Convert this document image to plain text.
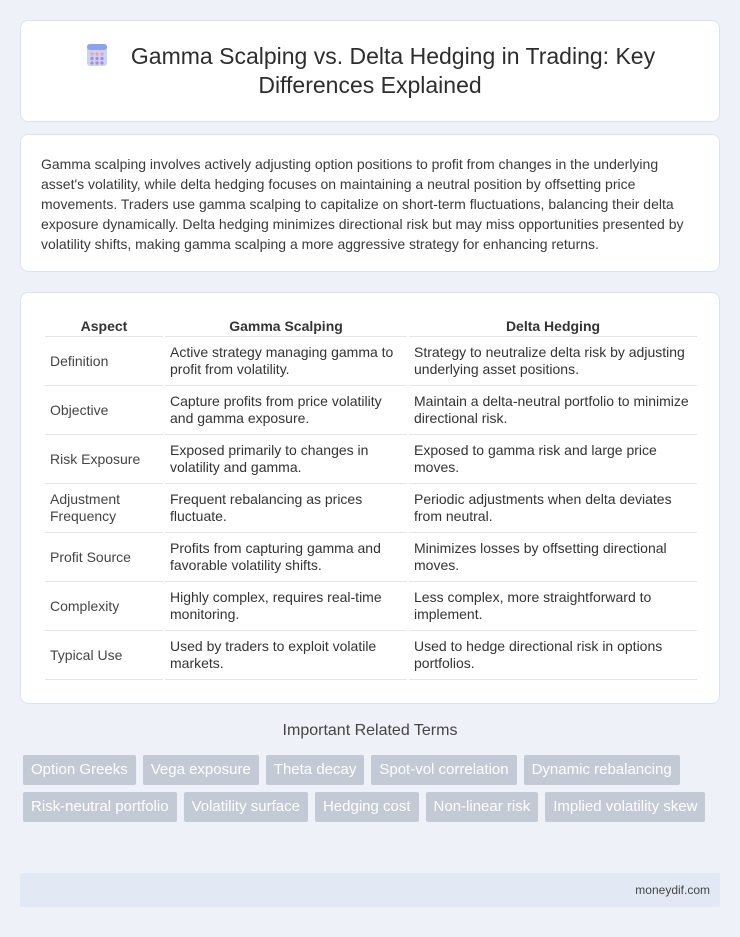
Gamma Scalping vs. Delta Hedging in Trading: Key Differences Explained

Gamma scalping involves actively adjusting option positions to profit from changes in the underlying asset's volatility, while delta hedging focuses on maintaining a neutral position by offsetting price movements. Traders use gamma scalping to capitalize on short-term fluctuations, balancing their delta exposure dynamically. Delta hedging minimizes directional risk but may miss opportunities presented by volatility shifts, making gamma scalping a more aggressive strategy for enhancing returns.

Aspect	Gamma Scalping	Delta Hedging
Definition	Active strategy managing gamma to profit from volatility.	Strategy to neutralize delta risk by adjusting underlying asset positions.
Objective	Capture profits from price volatility and gamma exposure.	Maintain a delta-neutral portfolio to minimize directional risk.
Risk Exposure	Exposed primarily to changes in volatility and gamma.	Exposed to gamma risk and large price moves.
Adjustment Frequency	Frequent rebalancing as prices fluctuate.	Periodic adjustments when delta deviates from neutral.
Profit Source	Profits from capturing gamma and favorable volatility shifts.	Minimizes losses by offsetting directional moves.
Complexity	Highly complex, requires real-time monitoring.	Less complex, more straightforward to implement.
Typical Use	Used by traders to exploit volatile markets.	Used to hedge directional risk in options portfolios.
Important Related Terms
Option Greeks	Vega exposure	Theta decay	Spot-vol correlation	Dynamic rebalancing
Risk-neutral portfolio	Volatility surface	Hedging cost	Non-linear risk	Implied volatility skew
moneydif.com
